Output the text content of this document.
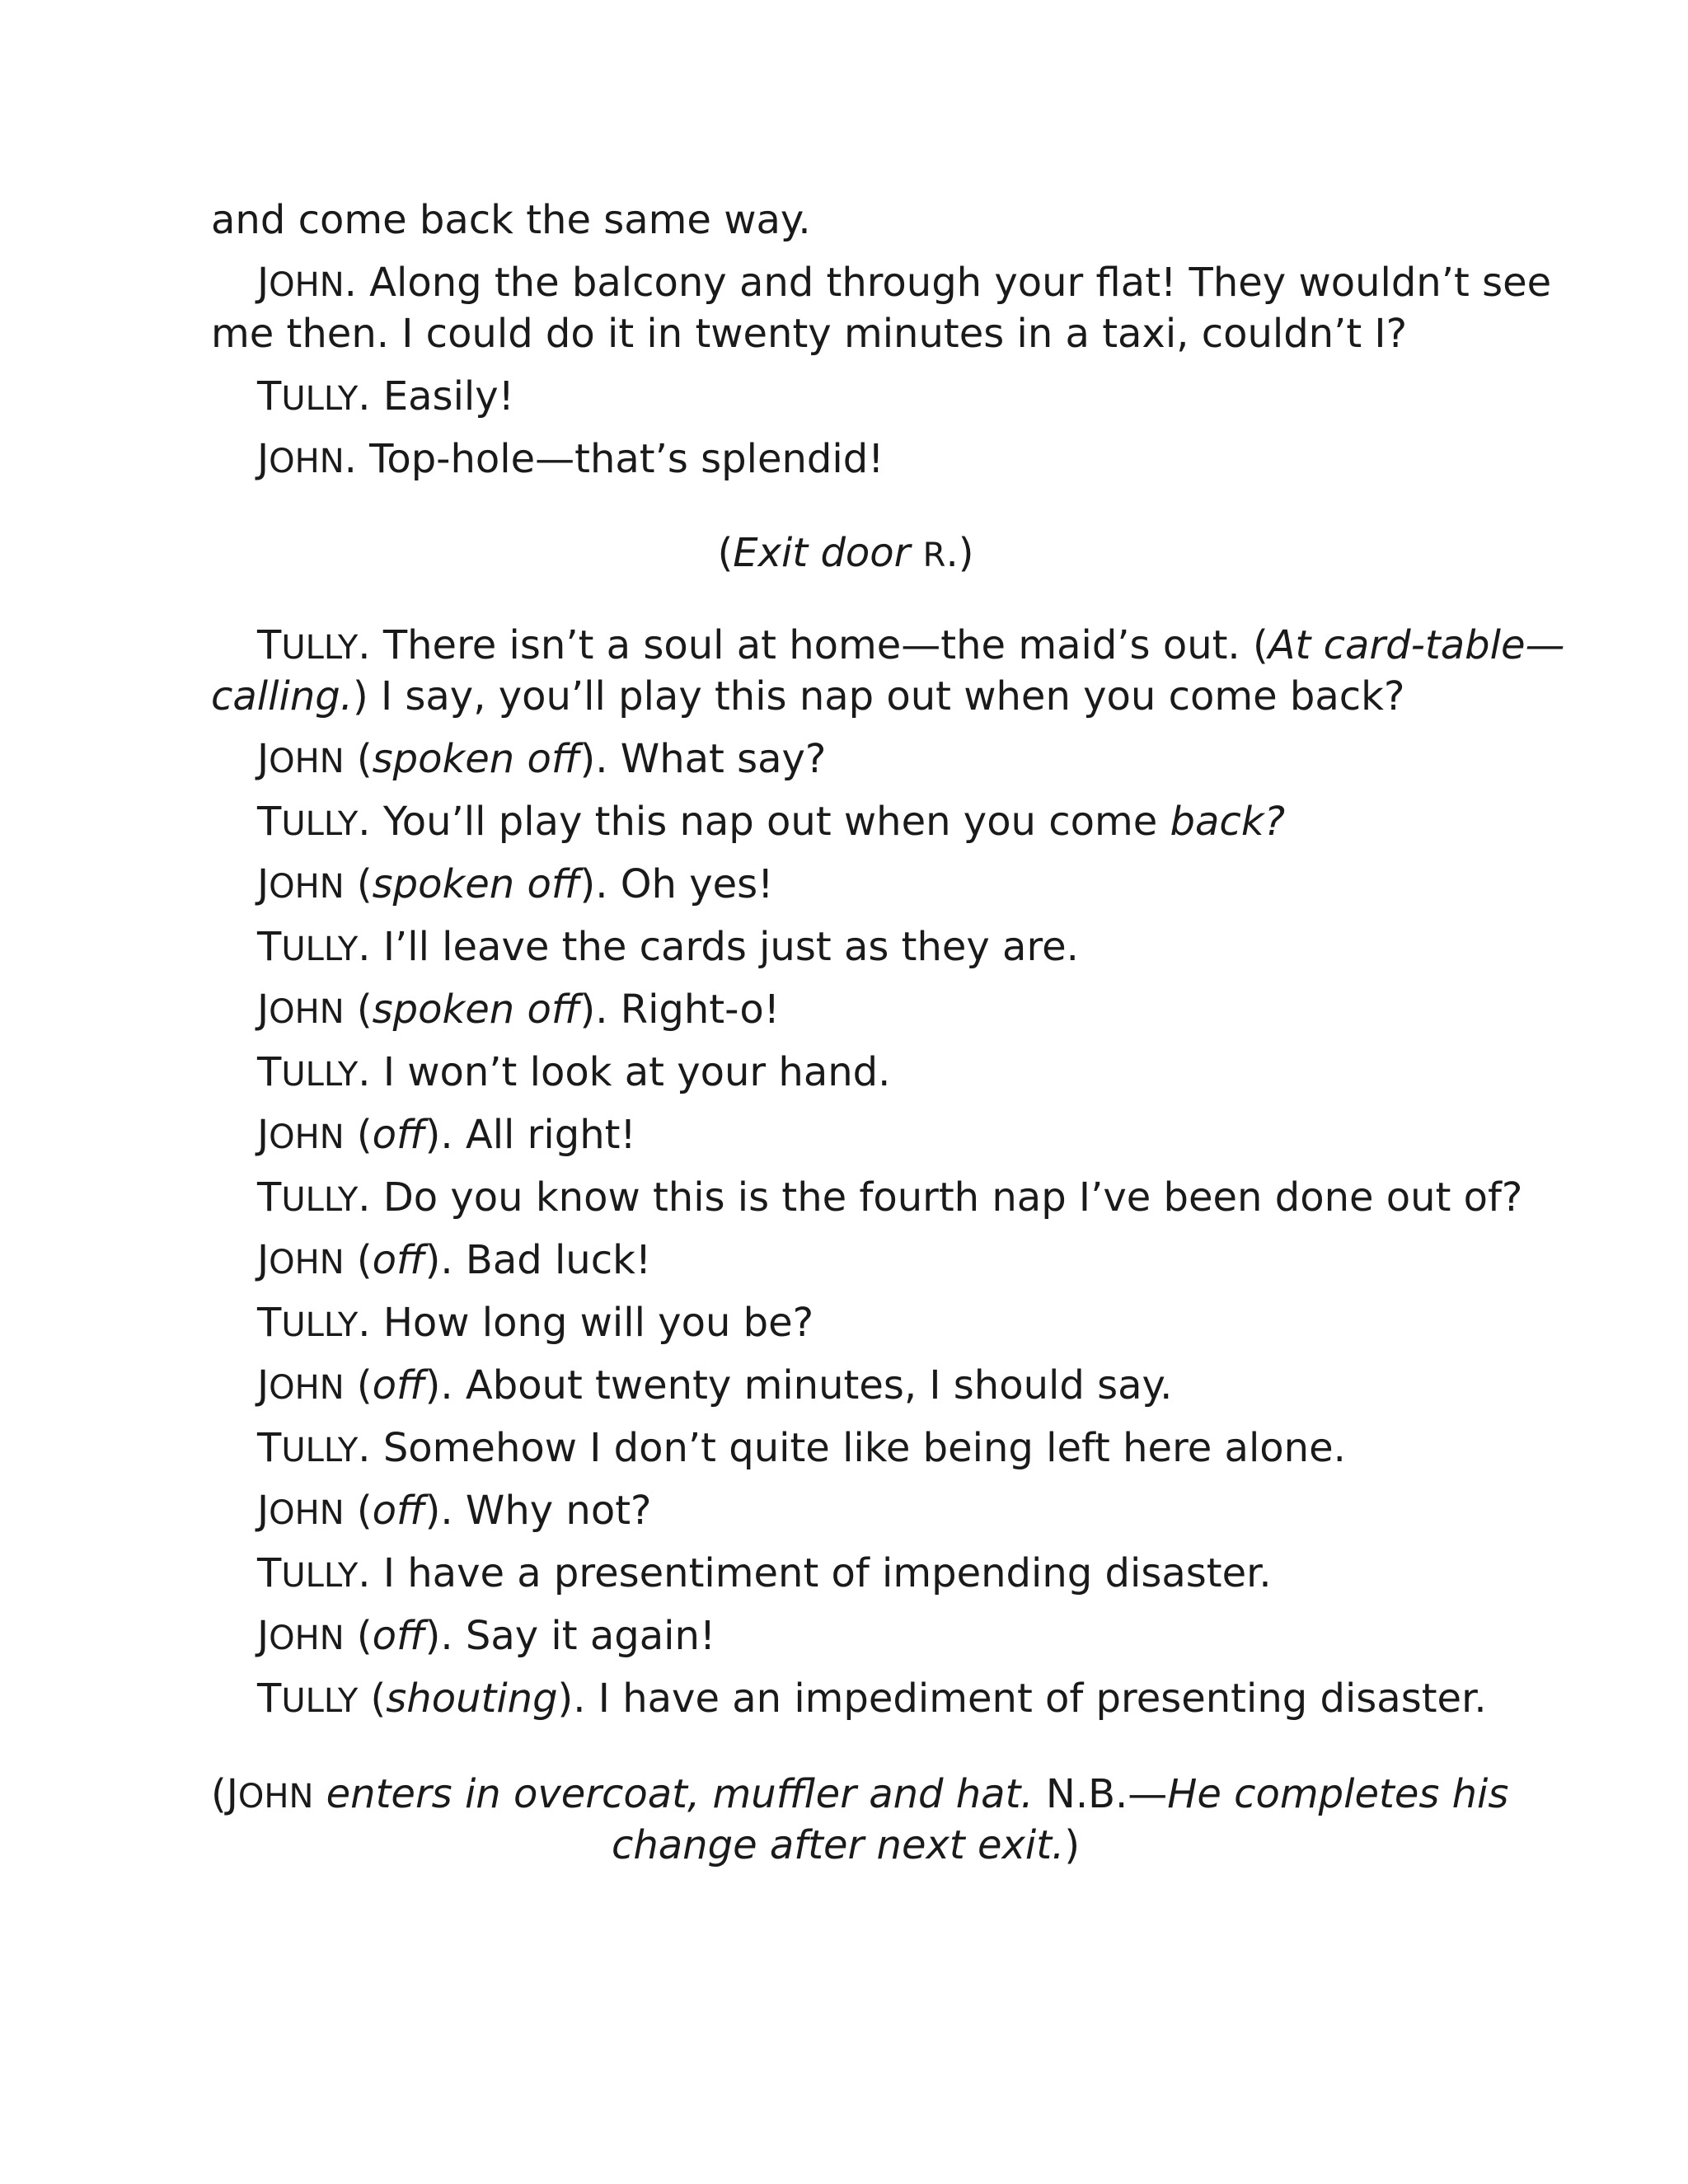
and come back the same way.
JOHN. Along the balcony and through your flat! They wouldn’t see
me then. I could do it in twenty minutes in a taxi, couldn’t I?
TULLY. Easily!
JOHN. Top-hole—that’s splendid!
(Exit door R.)
TULLY. There isn’t a soul at home—the maid’s out. (At card-table—
calling.) I say, you’ll play this nap out when you come back?
JOHN (spoken off). What say?
TULLY. You’ll play this nap out when you come back?
JOHN (spoken off). Oh yes!
TULLY. I’ll leave the cards just as they are.
JOHN (spoken off). Right-o!
TULLY. I won’t look at your hand.
JOHN (off). All right!
TULLY. Do you know this is the fourth nap I’ve been done out of?
JOHN (off). Bad luck!
TULLY. How long will you be?
JOHN (off). About twenty minutes, I should say.
TULLY. Somehow I don’t quite like being left here alone.
JOHN (off). Why not?
TULLY. I have a presentiment of impending disaster.
JOHN (off). Say it again!
TULLY (shouting). I have an impediment of presenting disaster.
(JOHN enters in overcoat, muffler and hat. N.B.—He completes his
change after next exit.)
